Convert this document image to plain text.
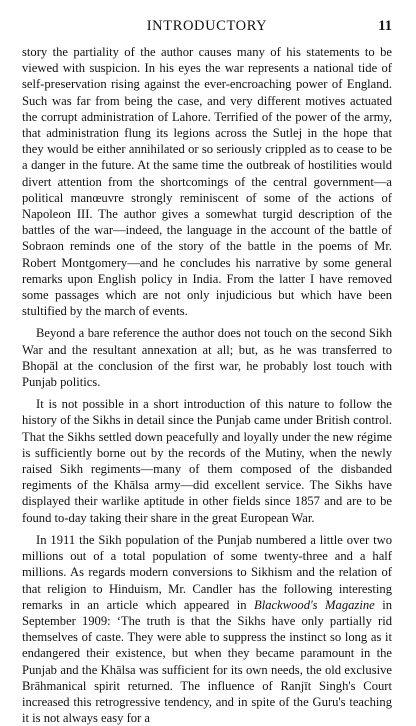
INTRODUCTORY	11

story the partiality of the author causes many of his statements to be viewed with suspicion. In his eyes the war represents a national tide of self-preservation rising against the ever-encroaching power of England. Such was far from being the case, and very different motives actuated the corrupt administration of Lahore. Terrified of the power of the army, that administration flung its legions across the Sutlej in the hope that they would be either annihilated or so seriously crippled as to cease to be a danger in the future. At the same time the outbreak of hostilities would divert attention from the shortcomings of the central government—a political manœuvre strongly reminiscent of some of the actions of Napoleon III. The author gives a somewhat turgid description of the battles of the war—indeed, the language in the account of the battle of Sobraon reminds one of the story of the battle in the poems of Mr. Robert Montgomery—and he concludes his narrative by some general remarks upon English policy in India. From the latter I have removed some passages which are not only injudicious but which have been stultified by the march of events.

Beyond a bare reference the author does not touch on the second Sikh War and the resultant annexation at all; but, as he was transferred to Bhopāl at the conclusion of the first war, he probably lost touch with Punjab politics.

It is not possible in a short introduction of this nature to follow the history of the Sikhs in detail since the Punjab came under British control. That the Sikhs settled down peacefully and loyally under the new régime is sufficiently borne out by the records of the Mutiny, when the newly raised Sikh regiments—many of them composed of the disbanded regiments of the Khālsa army—did excellent service. The Sikhs have displayed their warlike aptitude in other fields since 1857 and are to be found to-day taking their share in the great European War.

In 1911 the Sikh population of the Punjab numbered a little over two millions out of a total population of some twenty-three and a half millions. As regards modern conversions to Sikhism and the relation of that religion to Hinduism, Mr. Candler has the following interesting remarks in an article which appeared in Blackwood's Magazine in September 1909: ‘The truth is that the Sikhs have only partially rid themselves of caste. They were able to suppress the instinct so long as it endangered their existence, but when they became paramount in the Punjab and the Khālsa was sufficient for its own needs, the old exclusive Brāhmanical spirit returned. The influence of Ranjīt Singh's Court increased this retrogressive tendency, and in spite of the Guru's teaching it is not always easy for a
